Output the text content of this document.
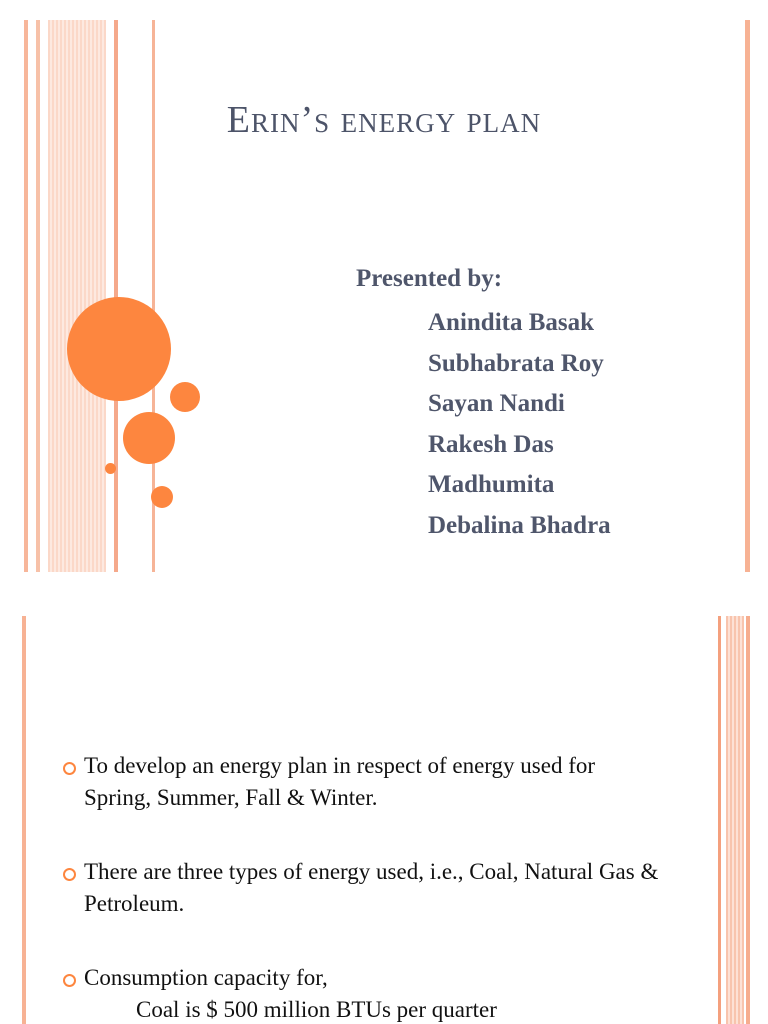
Erin’s energy plan
Presented by:
Anindita Basak
Subhabrata Roy
Sayan Nandi
Rakesh Das
Madhumita
Debalina Bhadra
To develop an energy plan in respect of energy used for Spring, Summer, Fall & Winter.
There are three types of energy used, i.e., Coal, Natural Gas & Petroleum.
Consumption capacity for,
Coal is $ 500 million BTUs per quarter
